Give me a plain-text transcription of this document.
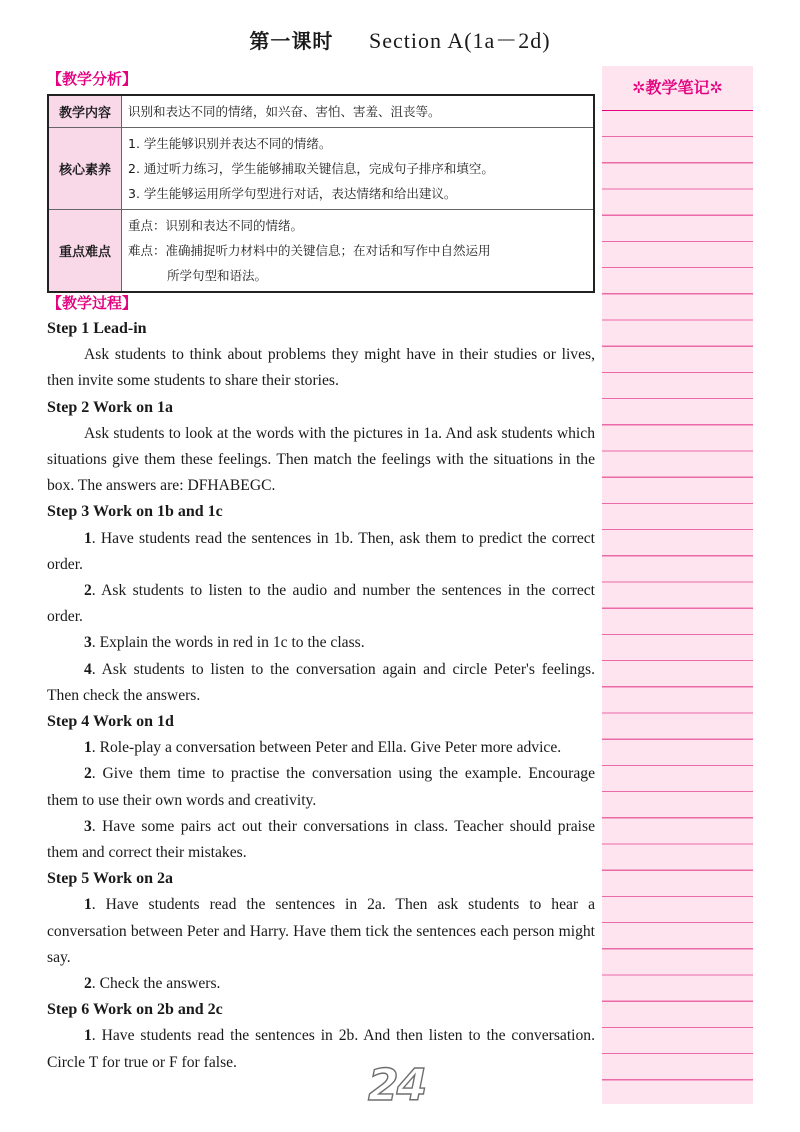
第一课时 Section A(1a－2d)
【教学分析】
教学内容	识别和表达不同的情绪，如兴奋、害怕、害羞、沮丧等。

核心素养	1. 学生能够识别并表达不同的情绪。
2. 通过听力练习，学生能够捕取关键信息，完成句子排序和填空。
3. 学生能够运用所学句型进行对话，表达情绪和给出建议。

重点难点	重点：识别和表达不同的情绪。
难点：准确捕捉听力材料中的关键信息；在对话和写作中自然运用
所学句型和语法。
【教学过程】
Step 1 Lead-in

Ask students to think about problems they might have in their studies or lives, then invite some students to share their stories.

Step 2 Work on 1a

Ask students to look at the words with the pictures in 1a. And ask students which situations give them these feelings. Then match the feelings with the situations in the box. The answers are: DFHABEGC.

Step 3 Work on 1b and 1c
1. Have students read the sentences in 1b. Then, ask them to predict the correct order.
2. Ask students to listen to the audio and number the sentences in the correct order.
3. Explain the words in red in 1c to the class.
4. Ask students to listen to the conversation again and circle Peter's feelings. Then check the answers.
Step 4 Work on 1d
1. Role-play a conversation between Peter and Ella. Give Peter more advice.
2. Give them time to practise the conversation using the example. Encourage them to use their own words and creativity.
3. Have some pairs act out their conversations in class. Teacher should praise them and correct their mistakes.
Step 5 Work on 2a
1. Have students read the sentences in 2a. Then ask students to hear a conversation between Peter and Harry. Have them tick the sentences each person might say.
2. Check the answers.
Step 6 Work on 2b and 2c
1. Have students read the sentences in 2b. And then listen to the conversation. Circle T for true or F for false.
✲教学笔记✲
24
